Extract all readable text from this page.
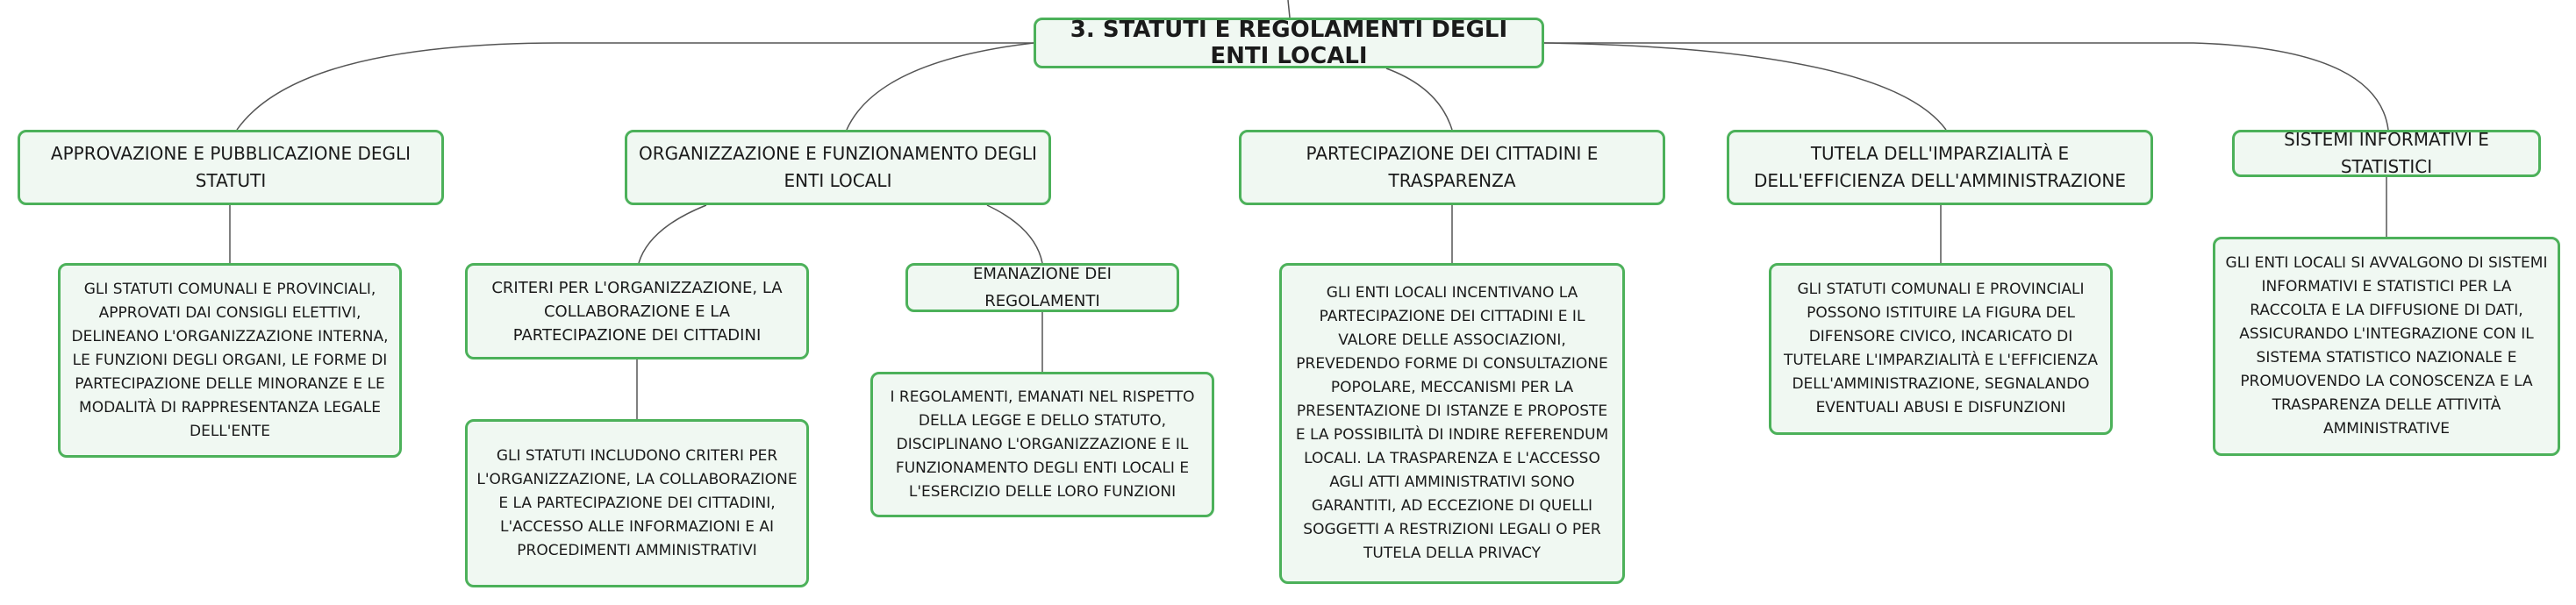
3. STATUTI E REGOLAMENTI DEGLI ENTI LOCALI
APPROVAZIONE E PUBBLICAZIONE DEGLI STATUTI
GLI STATUTI COMUNALI E PROVINCIALI, APPROVATI DAI CONSIGLI ELETTIVI, DELINEANO L'ORGANIZZAZIONE INTERNA, LE FUNZIONI DEGLI ORGANI, LE FORME DI PARTECIPAZIONE DELLE MINORANZE E LE MODALITÀ DI RAPPRESENTANZA LEGALE DELL'ENTE
ORGANIZZAZIONE E FUNZIONAMENTO DEGLI ENTI LOCALI
CRITERI PER L'ORGANIZZAZIONE, LA COLLABORAZIONE E LA PARTECIPAZIONE DEI CITTADINI
GLI STATUTI INCLUDONO CRITERI PER L'ORGANIZZAZIONE, LA COLLABORAZIONE E LA PARTECIPAZIONE DEI CITTADINI, L'ACCESSO ALLE INFORMAZIONI E AI PROCEDIMENTI AMMINISTRATIVI
EMANAZIONE DEI REGOLAMENTI
I REGOLAMENTI, EMANATI NEL RISPETTO DELLA LEGGE E DELLO STATUTO, DISCIPLINANO L'ORGANIZZAZIONE E IL FUNZIONAMENTO DEGLI ENTI LOCALI E L'ESERCIZIO DELLE LORO FUNZIONI
PARTECIPAZIONE DEI CITTADINI E TRASPARENZA
GLI ENTI LOCALI INCENTIVANO LA PARTECIPAZIONE DEI CITTADINI E IL VALORE DELLE ASSOCIAZIONI, PREVEDENDO FORME DI CONSULTAZIONE POPOLARE, MECCANISMI PER LA PRESENTAZIONE DI ISTANZE E PROPOSTE E LA POSSIBILITÀ DI INDIRE REFERENDUM LOCALI. LA TRASPARENZA E L'ACCESSO AGLI ATTI AMMINISTRATIVI SONO GARANTITI, AD ECCEZIONE DI QUELLI SOGGETTI A RESTRIZIONI LEGALI O PER TUTELA DELLA PRIVACY
TUTELA DELL'IMPARZIALITÀ E DELL'EFFICIENZA DELL'AMMINISTRAZIONE
GLI STATUTI COMUNALI E PROVINCIALI POSSONO ISTITUIRE LA FIGURA DEL DIFENSORE CIVICO, INCARICATO DI TUTELARE L'IMPARZIALITÀ E L'EFFICIENZA DELL'AMMINISTRAZIONE, SEGNALANDO EVENTUALI ABUSI E DISFUNZIONI
SISTEMI INFORMATIVI E STATISTICI
GLI ENTI LOCALI SI AVVALGONO DI SISTEMI INFORMATIVI E STATISTICI PER LA RACCOLTA E LA DIFFUSIONE DI DATI, ASSICURANDO L'INTEGRAZIONE CON IL SISTEMA STATISTICO NAZIONALE E PROMUOVENDO LA CONOSCENZA E LA TRASPARENZA DELLE ATTIVITÀ AMMINISTRATIVE
